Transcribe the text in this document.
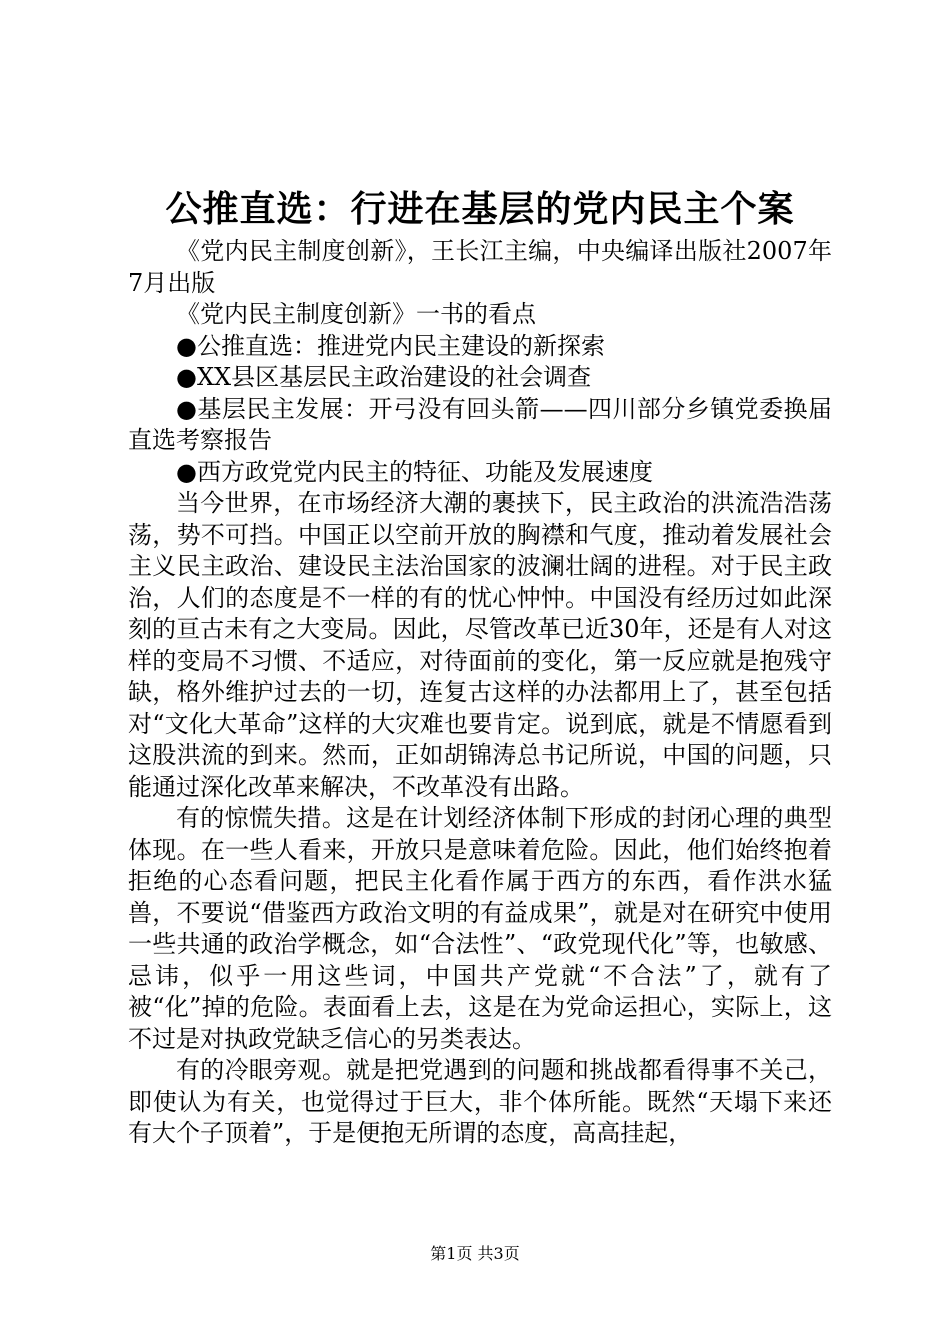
公推直选：行进在基层的党内民主个案

《党内民主制度创新》，王长江主编，中央编译出版社2007年7月出版

《党内民主制度创新》一书的看点

●公推直选：推进党内民主建设的新探索

●XX县区基层民主政治建设的社会调查

●基层民主发展：开弓没有回头箭——四川部分乡镇党委换届直选考察报告

●西方政党党内民主的特征、功能及发展速度

当今世界，在市场经济大潮的裹挟下，民主政治的洪流浩浩荡荡，势不可挡。中国正以空前开放的胸襟和气度，推动着发展社会主义民主政治、建设民主法治国家的波澜壮阔的进程。对于民主政治，人们的态度是不一样的有的忧心忡忡。中国没有经历过如此深刻的亘古未有之大变局。因此，尽管改革已近30年，还是有人对这样的变局不习惯、不适应，对待面前的变化，第一反应就是抱残守缺，格外维护过去的一切，连复古这样的办法都用上了，甚至包括对“文化大革命”这样的大灾难也要肯定。说到底，就是不情愿看到这股洪流的到来。然而，正如胡锦涛总书记所说，中国的问题，只能通过深化改革来解决，不改革没有出路。

有的惊慌失措。这是在计划经济体制下形成的封闭心理的典型体现。在一些人看来，开放只是意味着危险。因此，他们始终抱着拒绝的心态看问题，把民主化看作属于西方的东西，看作洪水猛兽，不要说“借鉴西方政治文明的有益成果”，就是对在研究中使用一些共通的政治学概念，如“合法性”、“政党现代化”等，也敏感、忌讳，似乎一用这些词，中国共产党就“不合法”了，就有了被“化”掉的危险。表面看上去，这是在为党命运担心，实际上，这不过是对执政党缺乏信心的另类表达。

有的冷眼旁观。就是把党遇到的问题和挑战都看得事不关己，即使认为有关，也觉得过于巨大，非个体所能。既然“天塌下来还有大个子顶着”，于是便抱无所谓的态度，高高挂起，

第1页 共3页
